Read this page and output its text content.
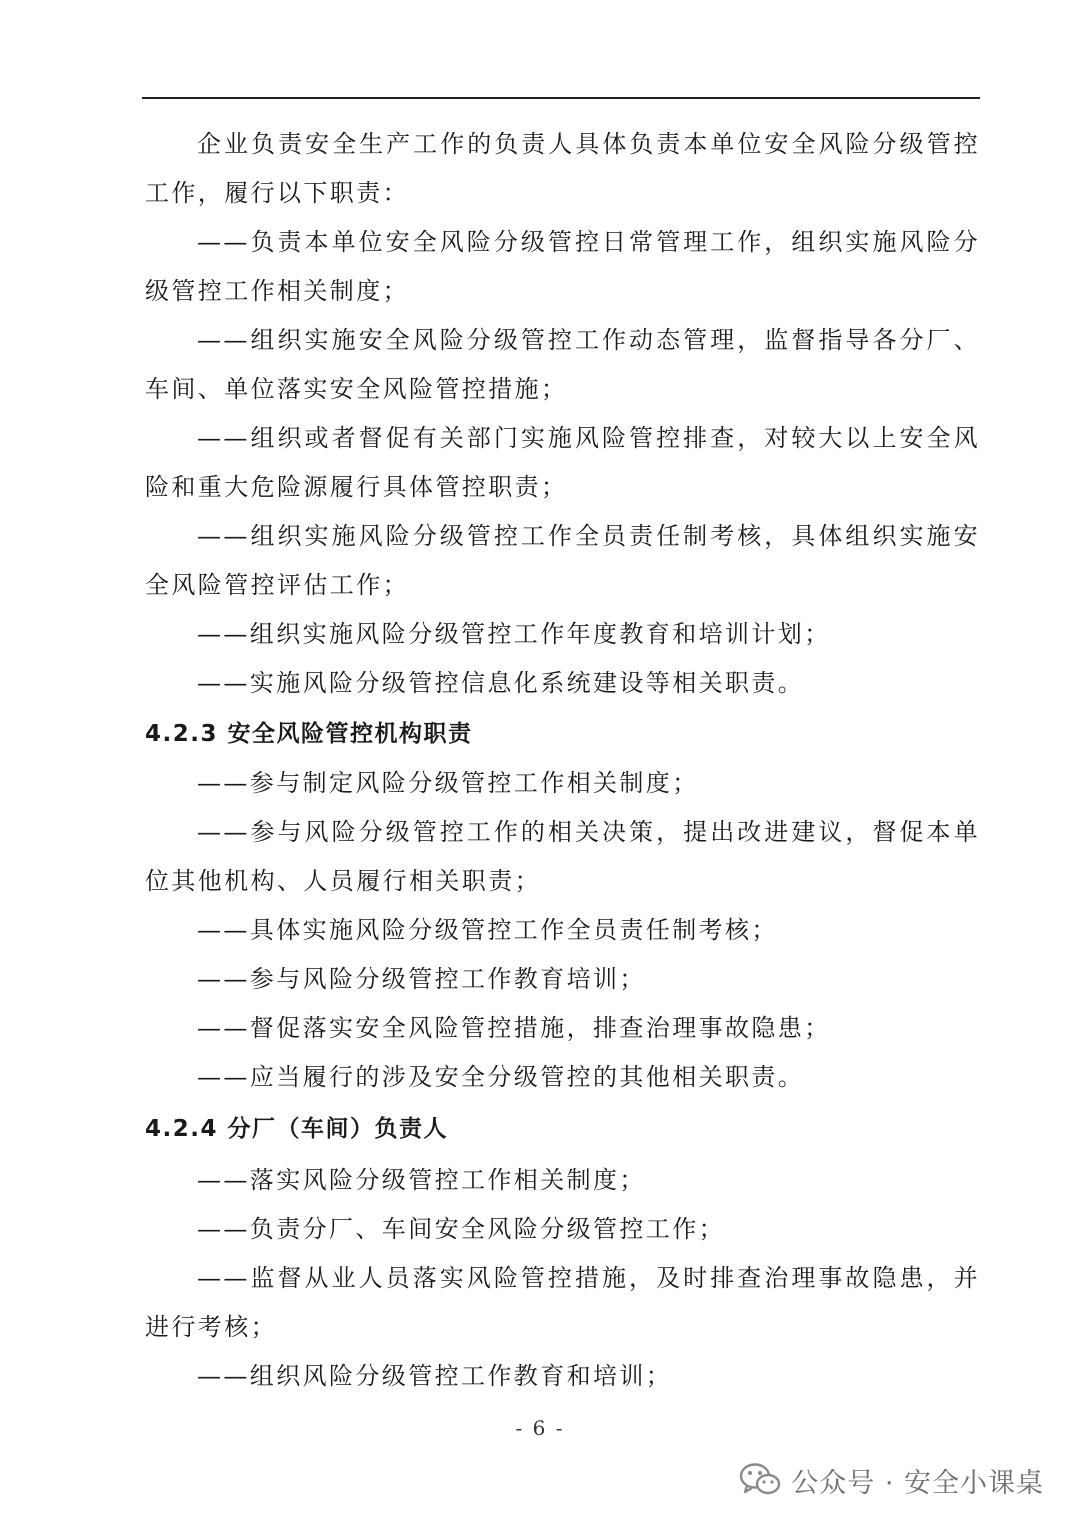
企业负责安全生产工作的负责人具体负责本单位安全风险分级管控工作，履行以下职责：

——负责本单位安全风险分级管控日常管理工作，组织实施风险分级管控工作相关制度；

——组织实施安全风险分级管控工作动态管理，监督指导各分厂、车间、单位落实安全风险管控措施；

——组织或者督促有关部门实施风险管控排查，对较大以上安全风险和重大危险源履行具体管控职责；

——组织实施风险分级管控工作全员责任制考核，具体组织实施安全风险管控评估工作；

——组织实施风险分级管控工作年度教育和培训计划；

——实施风险分级管控信息化系统建设等相关职责。

4.2.3 安全风险管控机构职责

——参与制定风险分级管控工作相关制度；

——参与风险分级管控工作的相关决策，提出改进建议，督促本单位其他机构、人员履行相关职责；

——具体实施风险分级管控工作全员责任制考核；

——参与风险分级管控工作教育培训；

——督促落实安全风险管控措施，排查治理事故隐患；

——应当履行的涉及安全分级管控的其他相关职责。

4.2.4 分厂（车间）负责人

——落实风险分级管控工作相关制度；

——负责分厂、车间安全风险分级管控工作；

——监督从业人员落实风险管控措施，及时排查治理事故隐患，并进行考核；

——组织风险分级管控工作教育和培训；

- 6 -
公众号 · 安全小课桌
